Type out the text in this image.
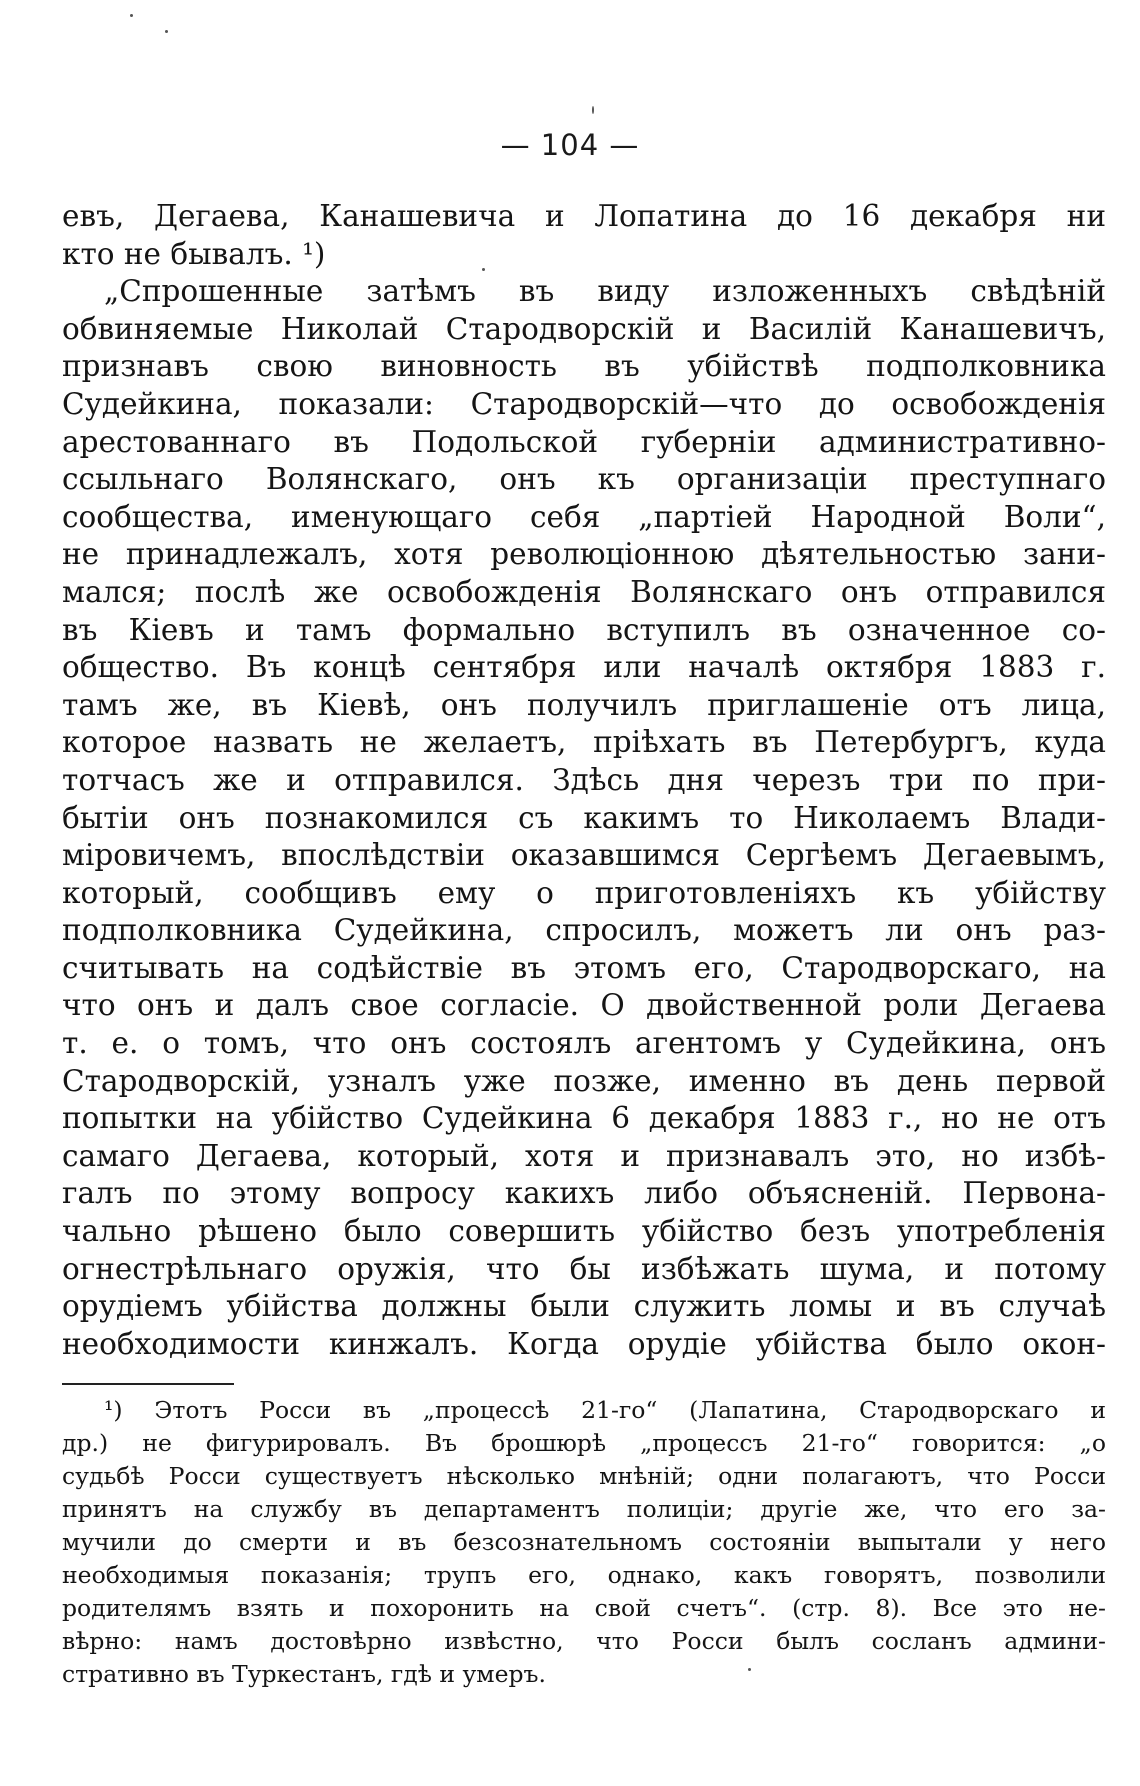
— 104 —
евъ, Дегаева, Канашевича и Лопатина до 16 декабря ни
кто не бывалъ. ¹)
„Спрошенные затѣмъ въ виду изложенныхъ свѣдѣній
обвиняемые Николай Стародворскій и Василій Канашевичъ,
признавъ свою виновность въ убійствѣ подполковника
Судейкина, показали: Стародворскій—что до освобожденія
арестованнаго въ Подольской губерніи административно-
ссыльнаго Волянскаго, онъ къ организаціи преступнаго
сообщества, именующаго себя „партіей Народной Воли“,
не принадлежалъ, хотя революціонною дѣятельностью зани-
мался; послѣ же освобожденія Волянскаго онъ отправился
въ Кіевъ и тамъ формально вступилъ въ означенное со-
общество. Въ концѣ сентября или началѣ октября 1883 г.
тамъ же, въ Кіевѣ, онъ получилъ приглашеніе отъ лица,
которое назвать не желаетъ, пріѣхать въ Петербургъ, куда
тотчасъ же и отправился. Здѣсь дня черезъ три по при-
бытіи онъ познакомился съ какимъ то Николаемъ Влади-
міровичемъ, впослѣдствіи оказавшимся Сергѣемъ Дегаевымъ,
который, сообщивъ ему о приготовленіяхъ къ убійству
подполковника Судейкина, спросилъ, можетъ ли онъ раз-
считывать на содѣйствіе въ этомъ его, Стародворскаго, на
что онъ и далъ свое согласіе. О двойственной роли Дегаева
т. е. о томъ, что онъ состоялъ агентомъ у Судейкина, онъ
Стародворскій, узналъ уже позже, именно въ день первой
попытки на убійство Судейкина 6 декабря 1883 г., но не отъ
самаго Дегаева, который, хотя и признавалъ это, но избѣ-
галъ по этому вопросу какихъ либо объясненій. Первона-
чально рѣшено было совершить убійство безъ употребленія
огнестрѣльнаго оружія, что бы избѣжать шума, и потому
орудіемъ убійства должны были служить ломы и въ случаѣ
необходимости кинжалъ. Когда орудіе убійства было окон-
¹) Этотъ Росси въ „процессѣ 21-го“ (Лапатина, Стародворскаго и
др.) не фигурировалъ. Въ брошюрѣ „процессъ 21-го“ говорится: „о
судьбѣ Росси существуетъ нѣсколько мнѣній; одни полагаютъ, что Росси
принятъ на службу въ департаментъ полиціи; другіе же, что его за-
мучили до смерти и въ безсознательномъ состояніи выпытали у него
необходимыя показанія; трупъ его, однако, какъ говорятъ, позволили
родителямъ взять и похоронить на свой счетъ“. (стр. 8). Все это не-
вѣрно: намъ достовѣрно извѣстно, что Росси былъ сосланъ админи-
стративно въ Туркестанъ, гдѣ и умеръ.
